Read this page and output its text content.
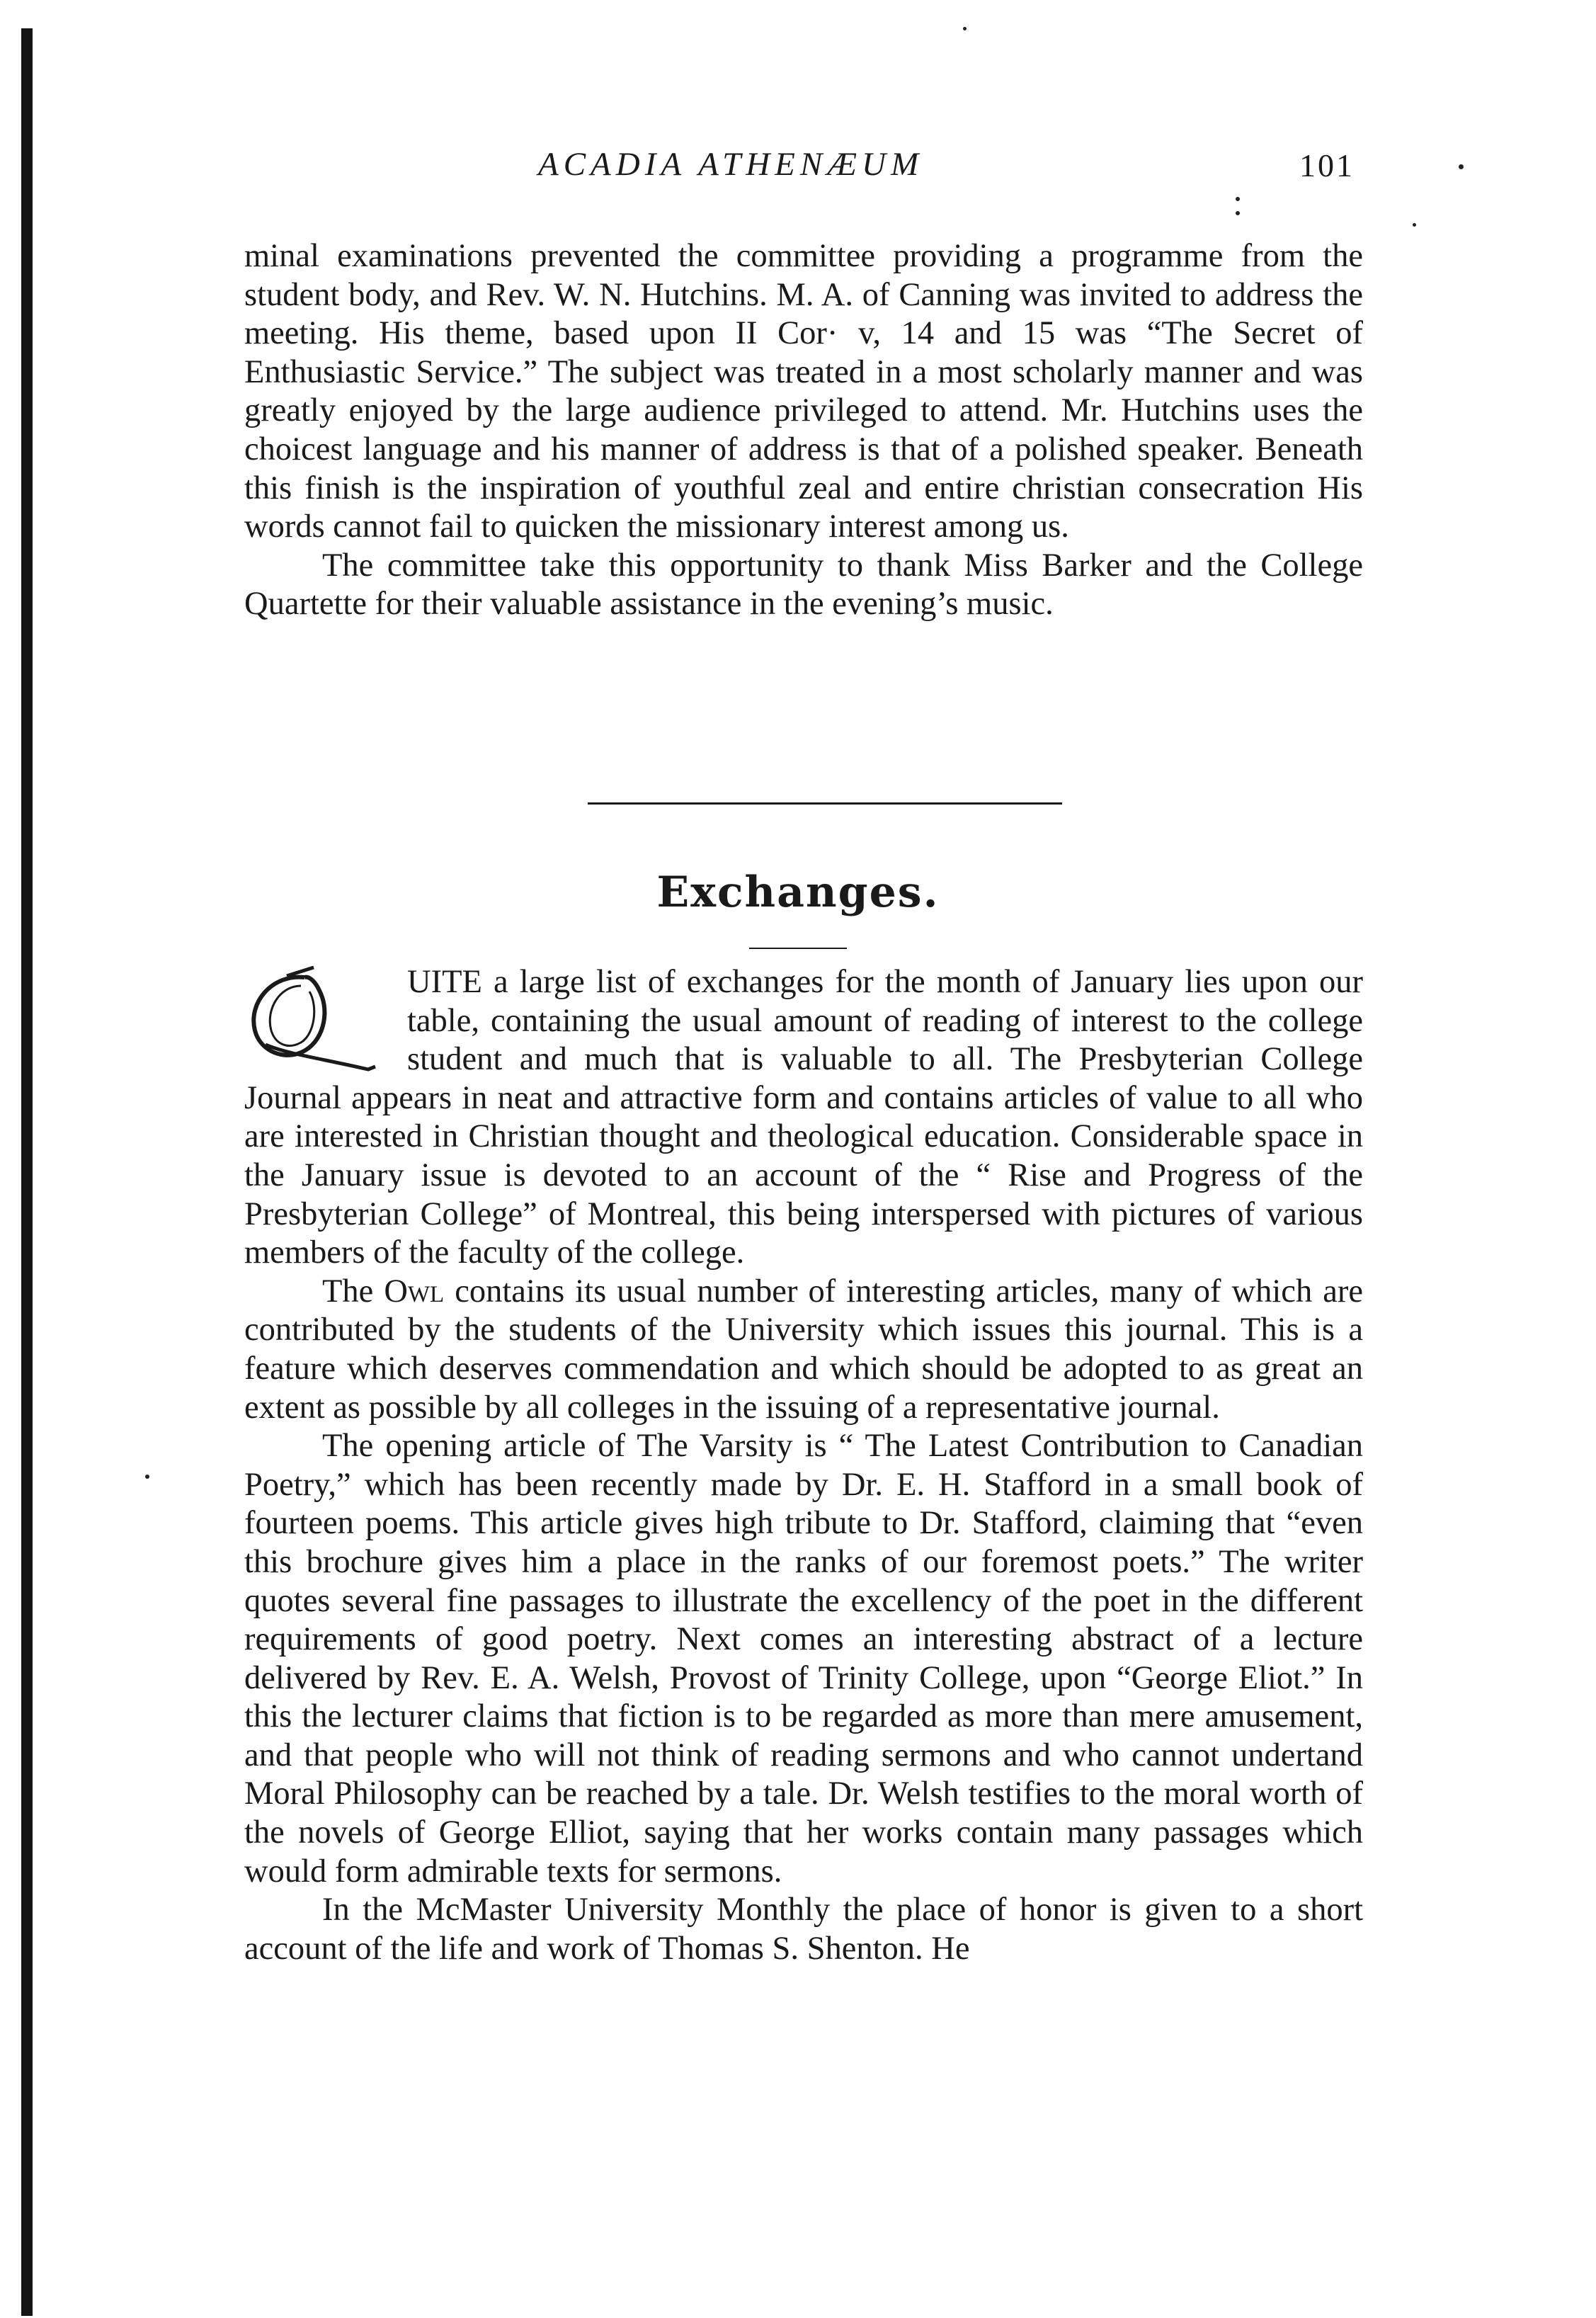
ACADIA ATHENÆUM	101

minal examinations prevented the committee providing a programme from the student body, and Rev. W. N. Hutchins. M. A. of Canning was invited to address the meeting. His theme, based upon II Cor· v, 14 and 15 was “The Secret of Enthusiastic Service.” The subject was treated in a most scholarly manner and was greatly enjoyed by the large audience privileged to attend. Mr. Hutchins uses the choicest language and his manner of address is that of a polished speaker. Beneath this finish is the inspiration of youthful zeal and entire christian consecration His words cannot fail to quicken the missionary interest among us.

The committee take this opportunity to thank Miss Barker and the College Quartette for their valuable assistance in the evening’s music.

Exchanges.

UITE a large list of exchanges for the month of January lies upon our table, containing the usual amount of reading of interest to the college student and much that is valuable to all. The Presbyterian College Journal appears in neat and attractive form and contains articles of value to all who are interested in Christian thought and theological education. Considerable space in the January issue is devoted to an account of the “ Rise and Progress of the Presbyterian College” of Montreal, this being interspersed with pictures of various members of the faculty of the college.

The Owl contains its usual number of interesting articles, many of which are contributed by the students of the University which issues this journal. This is a feature which deserves commendation and which should be adopted to as great an extent as possible by all colleges in the issuing of a representative journal.

The opening article of The Varsity is “ The Latest Contribution to Canadian Poetry,” which has been recently made by Dr. E. H. Stafford in a small book of fourteen poems. This article gives high tribute to Dr. Stafford, claiming that “even this brochure gives him a place in the ranks of our foremost poets.” The writer quotes several fine passages to illustrate the excellency of the poet in the different requirements of good poetry. Next comes an interesting abstract of a lecture delivered by Rev. E. A. Welsh, Provost of Trinity College, upon “George Eliot.” In this the lecturer claims that fiction is to be regarded as more than mere amusement, and that people who will not think of reading sermons and who cannot undertand Moral Philosophy can be reached by a tale. Dr. Welsh testifies to the moral worth of the novels of George Elliot, saying that her works contain many passages which would form admirable texts for sermons.

In the McMaster University Monthly the place of honor is given to a short account of the life and work of Thomas S. Shenton. He
